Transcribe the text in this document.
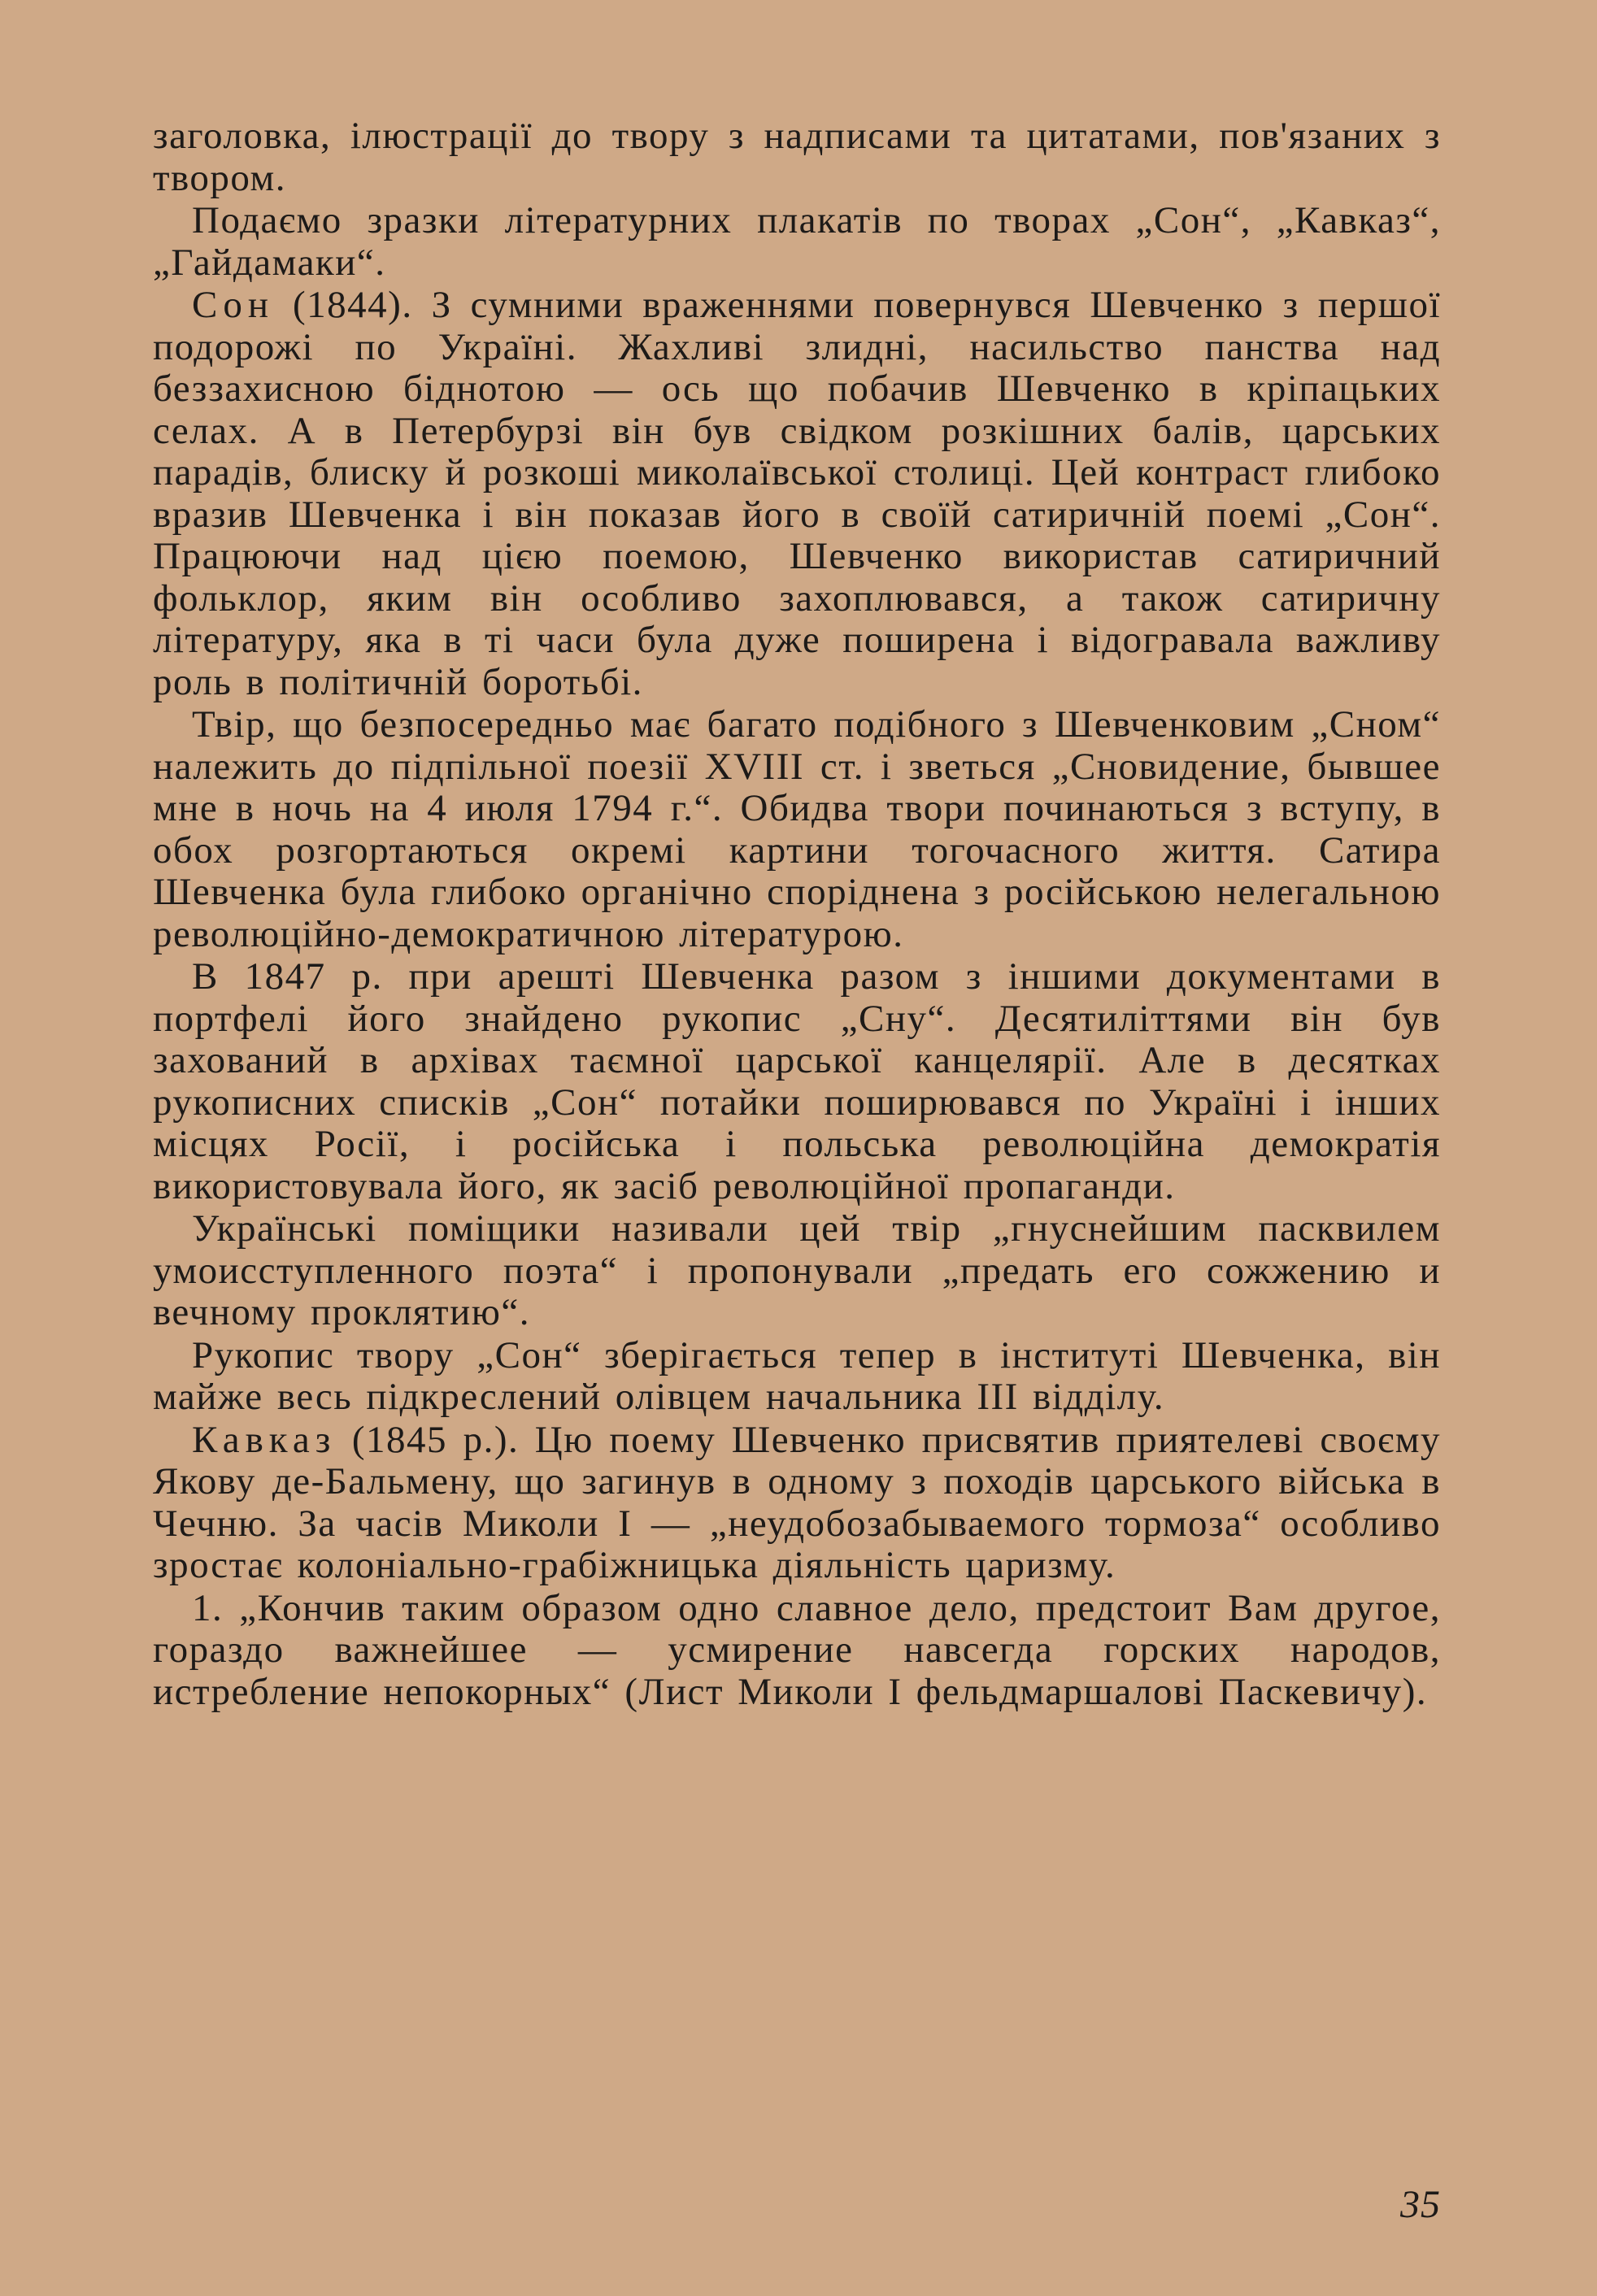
заголовка, ілюстрації до твору з надписами та цитатами, пов'язаних з твором.

Подаємо зразки літературних плакатів по творах „Сон“, „Кавказ“, „Гайдамаки“.

Сон (1844). З сумними враженнями повернувся Шевченко з першої подорожі по Україні. Жахливі злидні, насильство панства над беззахисною біднотою — ось що побачив Шевченко в кріпацьких селах. А в Петербурзі він був свідком розкішних балів, царських парадів, блиску й розкоші миколаївської столиці. Цей контраст глибоко вразив Шевченка і він показав його в своїй сатиричній поемі „Сон“. Працюючи над цією поемою, Шевченко використав сатиричний фольклор, яким він особливо захоплювався, а також сатиричну літературу, яка в ті часи була дуже поширена і відогравала важливу роль в політичній боротьбі.

Твір, що безпосередньо має багато подібного з Шевченковим „Сном“ належить до підпільної поезії XVIII ст. і зветься „Сновидение, бывшее мне в ночь на 4 июля 1794 г.“. Обидва твори починаються з вступу, в обох розгортаються окремі картини тогочасного життя. Сатира Шевченка була глибоко органічно споріднена з російською нелегальною революційно-демократичною літературою.

В 1847 р. при арешті Шевченка разом з іншими документами в портфелі його знайдено рукопис „Сну“. Десятиліттями він був захований в архівах таємної царської канцелярії. Але в десятках рукописних списків „Сон“ потайки поширювався по Україні і інших місцях Росії, і російська і польська революційна демократія використовувала його, як засіб революційної пропаганди.

Українські поміщики називали цей твір „гнуснейшим пасквилем умоисступленного поэта“ і пропонували „предать его сожжению и вечному проклятию“.

Рукопис твору „Сон“ зберігається тепер в інституті Шевченка, він майже весь підкреслений олівцем начальника III відділу.

Кавказ (1845 р.). Цю поему Шевченко присвятив приятелеві своєму Якову де-Бальмену, що загинув в одному з походів царського війська в Чечню. За часів Миколи I — „неудобозабываемого тормоза“ особливо зростає колоніально-грабіжницька діяльність царизму.

1. „Кончив таким образом одно славное дело, предстоит Вам другое, гораздо важнейшее — усмирение навсегда горских народов, истребление непокорных“ (Лист Миколи I фельдмаршалові Паскевичу).

35
